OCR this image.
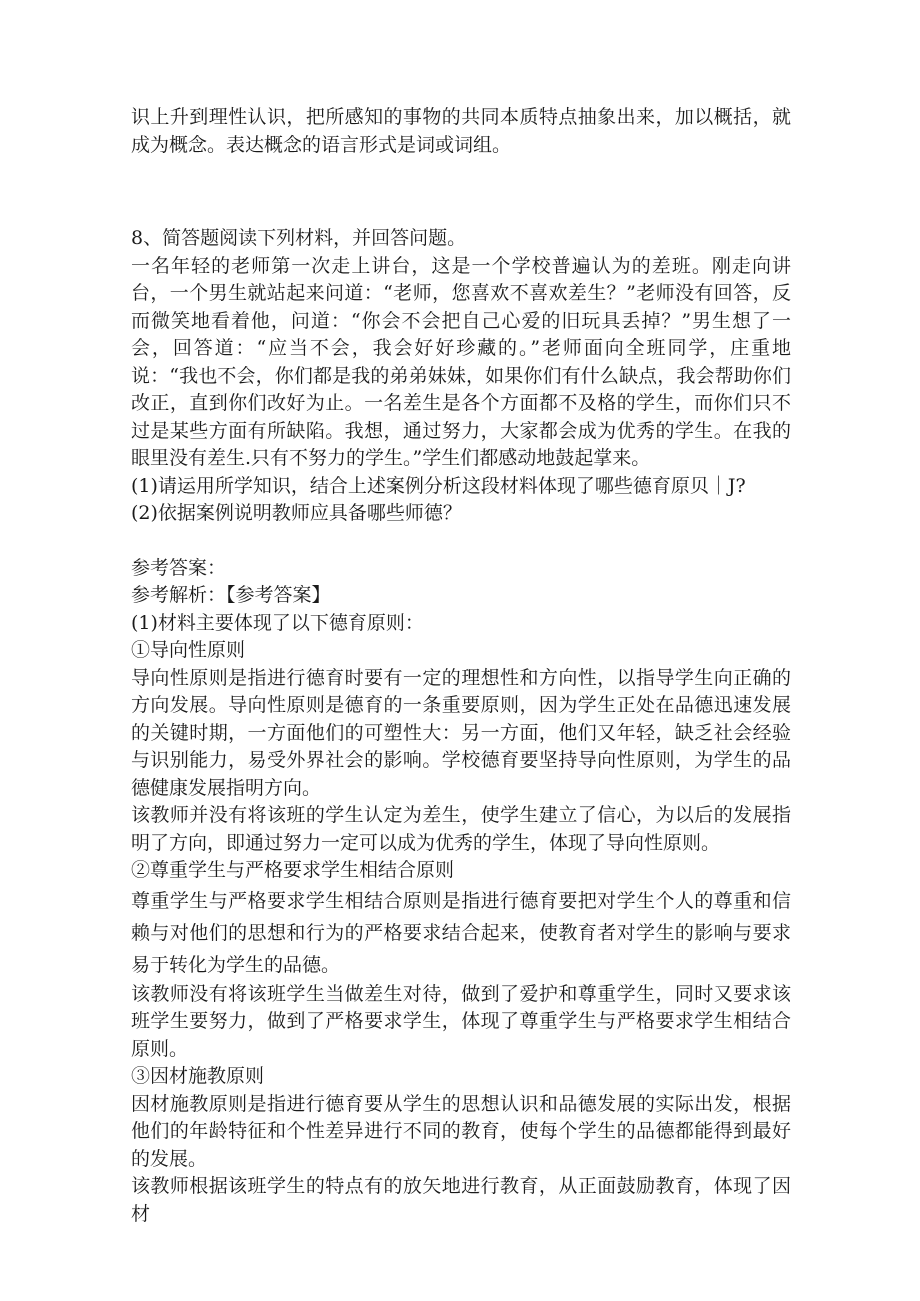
识上升到理性认识，把所感知的事物的共同本质特点抽象出来，加以概括，就成为概念。表达概念的语言形式是词或词组。

8、简答题阅读下列材料，并回答问题。

一名年轻的老师第一次走上讲台，这是一个学校普遍认为的差班。刚走向讲台，一个男生就站起来问道：“老师，您喜欢不喜欢差生？”老师没有回答，反而微笑地看着他，问道：“你会不会把自己心爱的旧玩具丢掉？”男生想了一会，回答道：“应当不会，我会好好珍藏的。”老师面向全班同学，庄重地说：“我也不会，你们都是我的弟弟妹妹，如果你们有什么缺点，我会帮助你们改正，直到你们改好为止。一名差生是各个方面都不及格的学生，而你们只不过是某些方面有所缺陷。我想，通过努力，大家都会成为优秀的学生。在我的眼里没有差生.只有不努力的学生。”学生们都感动地鼓起掌来。

(1)请运用所学知识，结合上述案例分析这段材料体现了哪些德育原贝｜J?

(2)依据案例说明教师应具备哪些师德？

参考答案：

参考解析：【参考答案】

(1)材料主要体现了以下德育原则：

①导向性原则

导向性原则是指进行德育时要有一定的理想性和方向性，以指导学生向正确的方向发展。导向性原则是德育的一条重要原则，因为学生正处在品德迅速发展的关键时期，一方面他们的可塑性大：另一方面，他们又年轻，缺乏社会经验与识别能力，易受外界社会的影响。学校德育要坚持导向性原则，为学生的品德健康发展指明方向。

该教师并没有将该班的学生认定为差生，使学生建立了信心，为以后的发展指明了方向，即通过努力一定可以成为优秀的学生，体现了导向性原则。

②尊重学生与严格要求学生相结合原则

尊重学生与严格要求学生相结合原则是指进行德育要把对学生个人的尊重和信赖与对他们的思想和行为的严格要求结合起来，使教育者对学生的影响与要求易于转化为学生的品德。

该教师没有将该班学生当做差生对待，做到了爱护和尊重学生，同时又要求该班学生要努力，做到了严格要求学生，体现了尊重学生与严格要求学生相结合原则。

③因材施教原则

因材施教原则是指进行德育要从学生的思想认识和品德发展的实际出发，根据他们的年龄特征和个性差异进行不同的教育，使每个学生的品德都能得到最好的发展。

该教师根据该班学生的特点有的放矢地进行教育，从正面鼓励教育，体现了因材
